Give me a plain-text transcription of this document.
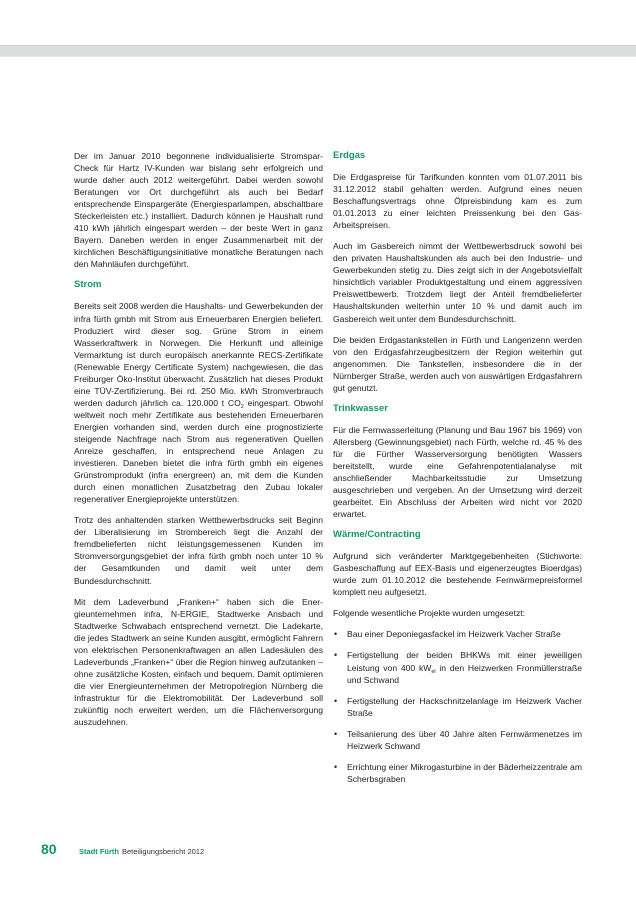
Der im Januar 2010 begonnene individualisierte Stromspar-Check für Hartz IV-Kunden war bislang sehr erfolgreich und wurde daher auch 2012 weitergeführt. Dabei werden sowohl Beratungen vor Ort durchgeführt als auch bei Bedarf entsprechende Einspargeräte (Energiesparlampen, abschaltbare Steckerleisten etc.) installiert. Dadurch können je Haushalt rund 410 kWh jährlich eingespart werden – der beste Wert in ganz Bayern. Daneben werden in enger Zusammenarbeit mit der kirchlichen Beschäftigungsinitiative monatliche Beratungen nach den Mahnläufen durchgeführt.

Strom

Bereits seit 2008 werden die Haushalts- und Gewerbekunden der infra fürth gmbh mit Strom aus Erneuerbaren Energien beliefert. Produziert wird dieser sog. Grüne Strom in einem Wasserkraftwerk in Norwegen. Die Herkunft und alleinige Vermarktung ist durch europäisch anerkannte RECS-Zertifikate (Renewable Energy Certificate System) nachgewiesen, die das Freiburger Öko-Institut überwacht. Zusätzlich hat dieses Produkt eine TÜV-Zertifizierung. Bei rd. 250 Mio. kWh Stromverbrauch werden dadurch jährlich ca. 120.000 t $CO_2$ eingespart. Obwohl weltweit noch mehr Zertifikate aus bestehenden Erneuerbaren Energien vorhanden sind, werden durch eine prognostizierte steigende Nachfrage nach Strom aus regenerativen Quellen Anreize geschaffen, in entsprechend neue Anlagen zu investieren. Daneben bietet die infra fürth gmbh ein eigenes Grünstromprodukt (infra energreen) an, mit dem die Kunden durch einen monatlichen Zusatzbetrag den Zubau lokaler regenerativer Energieprojekte unterstützen.

Trotz des anhaltenden starken Wettbewerbsdrucks seit Beginn der Liberalisierung im Strombereich liegt die Anzahl der fremdbelieferten nicht leistungsgemessenen Kunden im Stromversorgungsgebiet der infra fürth gmbh noch unter 10 % der Gesamtkunden und damit weit unter dem Bundesdurchschnitt.

Mit dem Ladeverbund „Franken+“ haben sich die Energieunternehmen infra, N-ERGIE, Stadtwerke Ansbach und Stadtwerke Schwabach entsprechend vernetzt. Die Ladekarte, die jedes Stadtwerk an seine Kunden ausgibt, ermöglicht Fahrern von elektrischen Personenkraftwagen an allen Ladesäulen des Ladeverbunds „Franken+“ über die Region hinweg aufzutanken – ohne zusätzliche Kosten, einfach und bequem. Damit optimieren die vier Energieunternehmen der Metropolregion Nürnberg die Infrastruktur für die Elektromobilität. Der Ladeverbund soll zukünftig noch erweitert werden, um die Flächenversorgung auszudehnen.

Erdgas

Die Erdgaspreise für Tarifkunden konnten vom 01.07.2011 bis 31.12.2012 stabil gehalten werden. Aufgrund eines neuen Beschaffungsvertrags ohne Ölpreisbindung kam es zum 01.01.2013 zu einer leichten Preissenkung bei den Gas-Arbeitspreisen.

Auch im Gasbereich nimmt der Wettbewerbsdruck sowohl bei den privaten Haushaltskunden als auch bei den Industrie- und Gewerbekunden stetig zu. Dies zeigt sich in der Angebotsvielfalt hinsichtlich variabler Produktgestaltung und einem aggressiven Preiswettbewerb. Trotzdem liegt der Anteil fremdbelieferter Haushaltskunden weiterhin unter 10 % und damit auch im Gasbereich weit unter dem Bundesdurchschnitt.

Die beiden Erdgastankstellen in Fürth und Langenzenn werden von den Erdgasfahrzeugbesitzern der Region weiterhin gut angenommen. Die Tankstellen, insbesondere die in der Nürnberger Straße, werden auch von auswärtigen Erdgasfahrern gut genutzt.

Trinkwasser

Für die Fernwasserleitung (Planung und Bau 1967 bis 1969) von Allersberg (Gewinnungsgebiet) nach Fürth, welche rd. 45 % des für die Fürther Wasserversorgung benötigten Wassers bereitstellt, wurde eine Gefahrenpotentialanalyse mit anschließender Machbarkeitsstudie zur Umsetzung ausgeschrieben und vergeben. An der Umsetzung wird derzeit gearbeitet. Ein Abschluss der Arbeiten wird nicht vor 2020 erwartet.

Wärme/Contracting

Aufgrund sich veränderter Marktgegebenheiten (Stichworte: Gasbeschaffung auf EEX-Basis und eigenerzeugtes Bioerdgas) wurde zum 01.10.2012 die bestehende Fernwärmepreisformel komplett neu aufgesetzt.

Folgende wesentliche Projekte wurden umgesetzt:

• Bau einer Deponiegasfackel im Heizwerk Vacher Straße
• Fertigstellung der beiden BHKWs mit einer jeweiligen Leistung von 400 $kW_{el}$ in den Heizwerken Fronmüllerstraße und Schwand
• Fertigstellung der Hackschnitzelanlage im Heizwerk Vacher Straße
• Teilsanierung des über 40 Jahre alten Fernwärmenetzes im Heizwerk Schwand
• Errichtung einer Mikrogasturbine in der Bäderheizzentrale am Scherbsgraben
80	Stadt Fürth Beteiligungsbericht 2012
